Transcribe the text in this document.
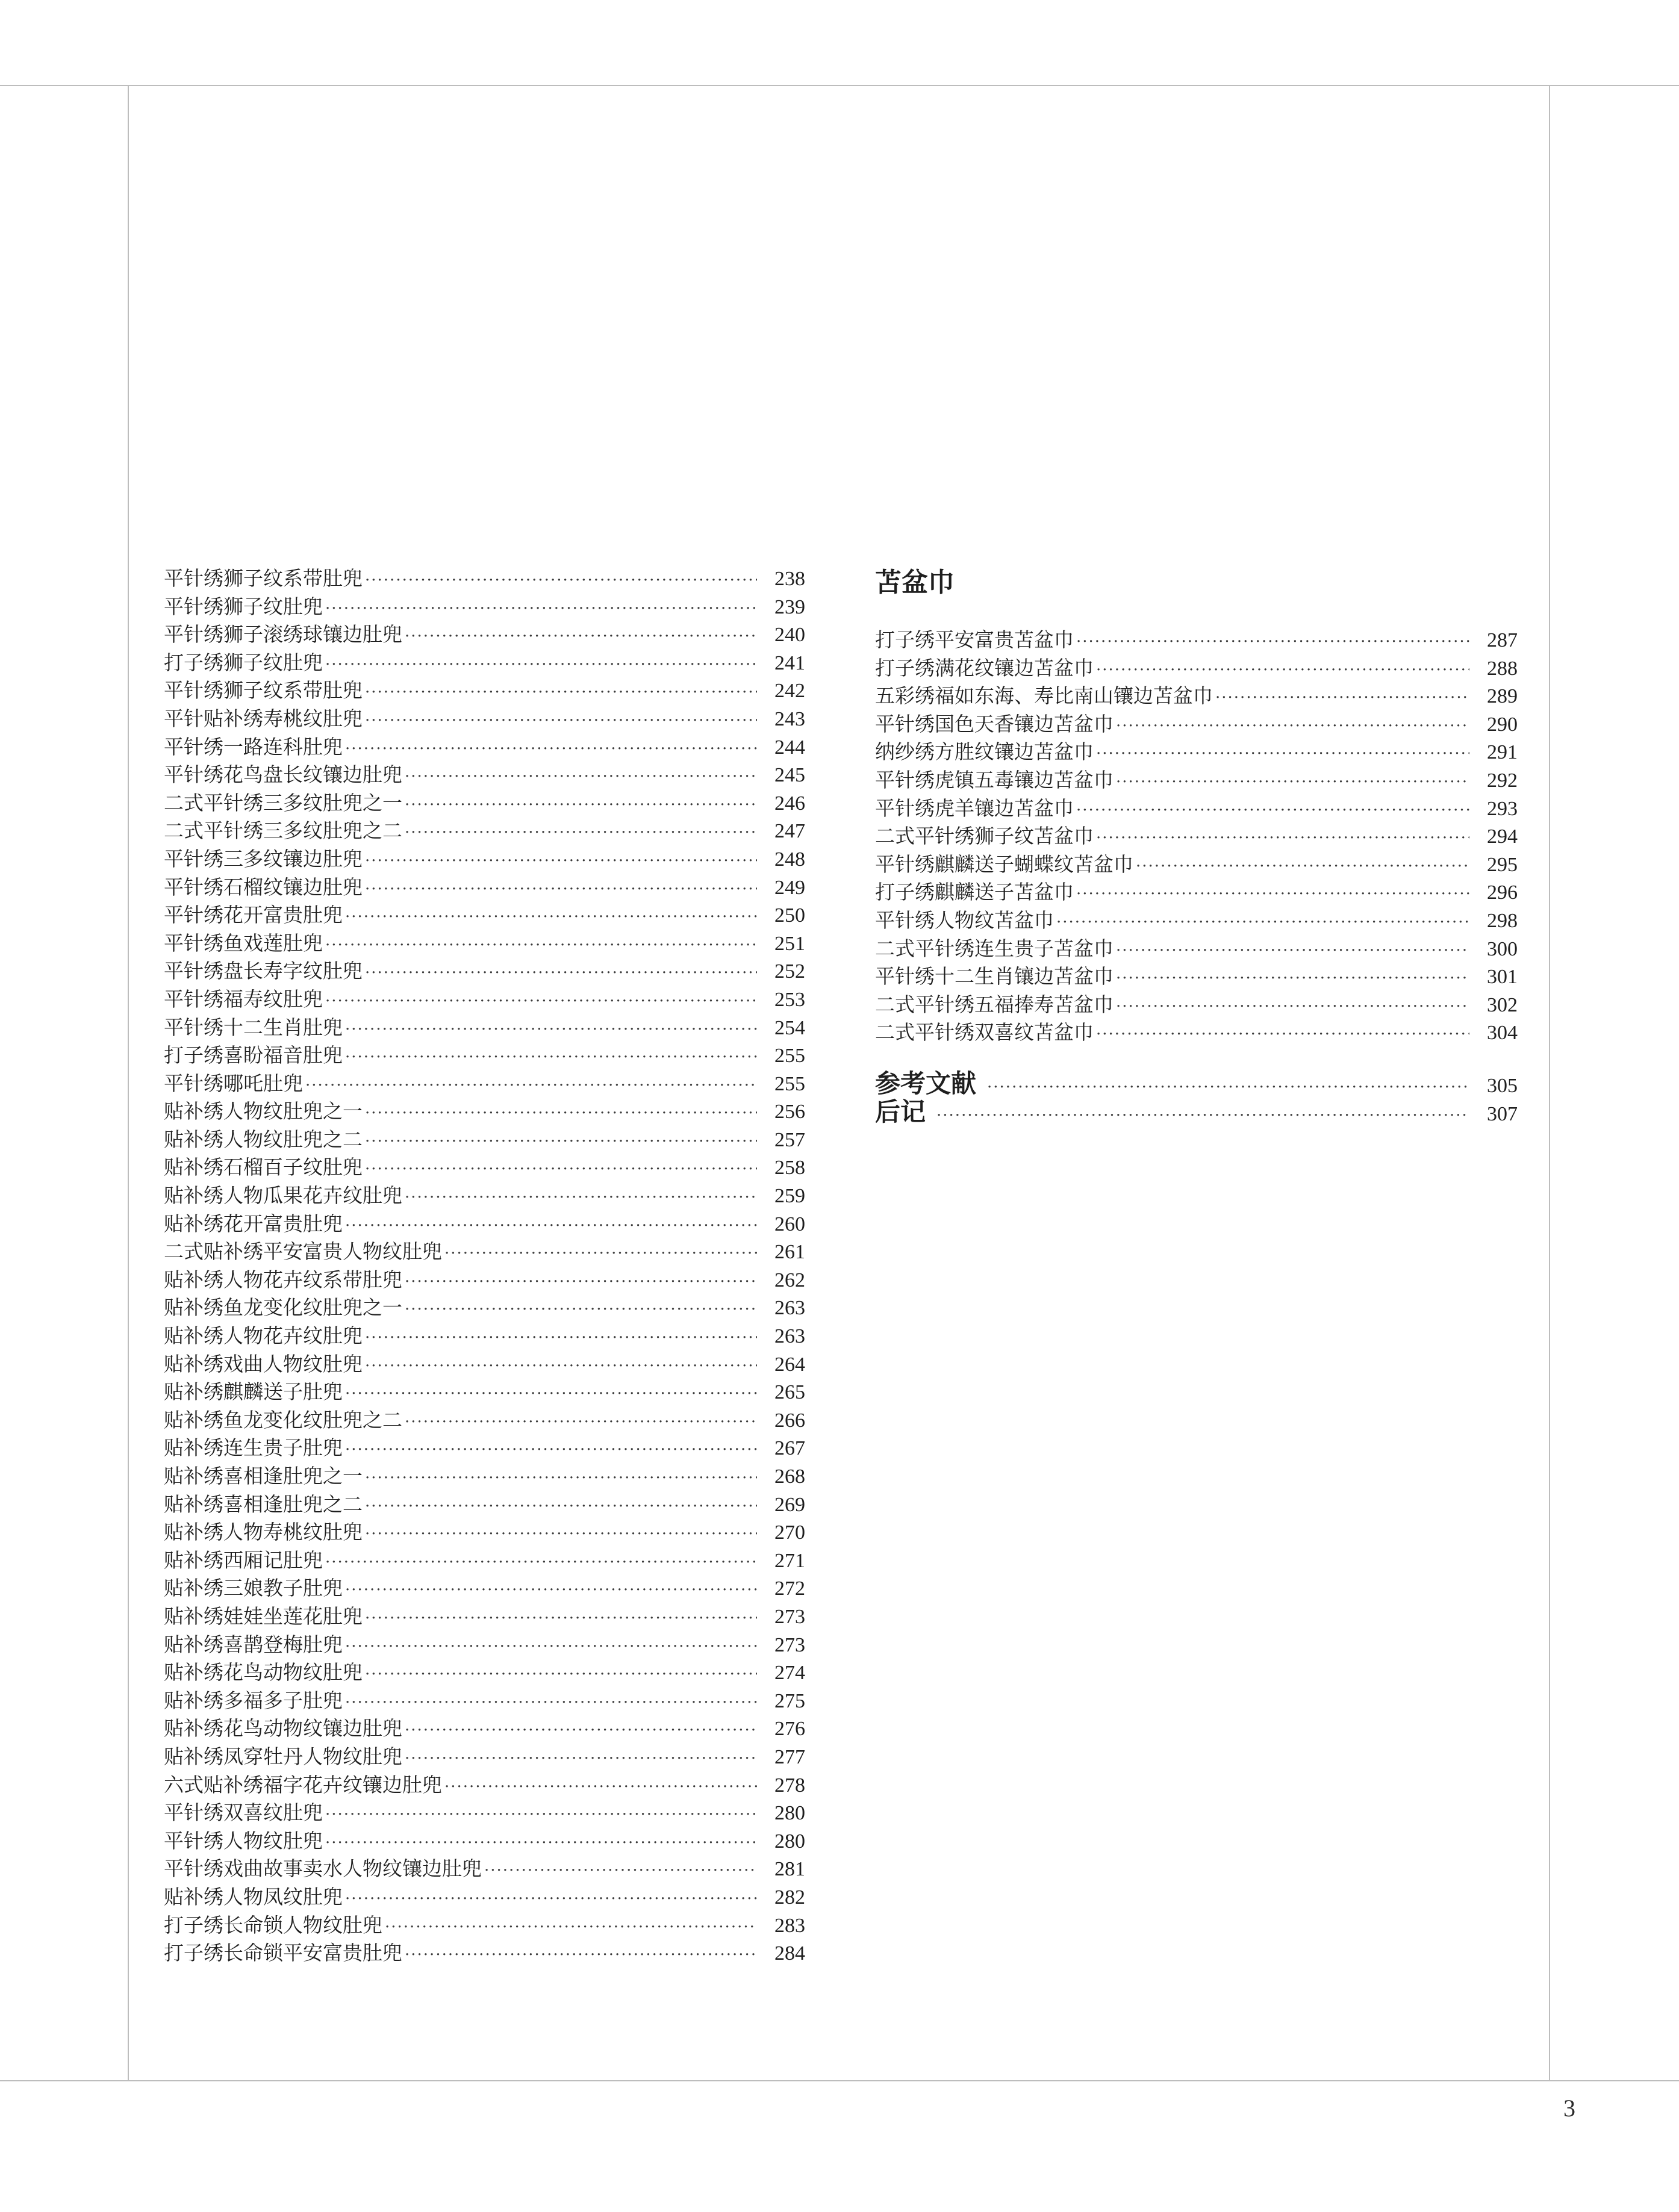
平针绣狮子纹系带肚兜 ·····	238
平针绣狮子纹肚兜 ·····	239
平针绣狮子滚绣球镶边肚兜 ·····	240
打子绣狮子纹肚兜 ·····	241
平针绣狮子纹系带肚兜 ·····	242
平针贴补绣寿桃纹肚兜 ·····	243
平针绣一路连科肚兜 ·····	244
平针绣花鸟盘长纹镶边肚兜 ·····	245
二式平针绣三多纹肚兜之一 ·····	246
二式平针绣三多纹肚兜之二 ·····	247
平针绣三多纹镶边肚兜 ·····	248
平针绣石榴纹镶边肚兜 ·····	249
平针绣花开富贵肚兜 ·····	250
平针绣鱼戏莲肚兜 ·····	251
平针绣盘长寿字纹肚兜 ·····	252
平针绣福寿纹肚兜 ·····	253
平针绣十二生肖肚兜 ·····	254
打子绣喜盼福音肚兜 ·····	255
平针绣哪吒肚兜 ·····	255
贴补绣人物纹肚兜之一 ·····	256
贴补绣人物纹肚兜之二 ·····	257
贴补绣石榴百子纹肚兜 ·····	258
贴补绣人物瓜果花卉纹肚兜 ·····	259
贴补绣花开富贵肚兜 ·····	260
二式贴补绣平安富贵人物纹肚兜 ·····	261
贴补绣人物花卉纹系带肚兜 ·····	262
贴补绣鱼龙变化纹肚兜之一 ·····	263
贴补绣人物花卉纹肚兜 ·····	263
贴补绣戏曲人物纹肚兜 ·····	264
贴补绣麒麟送子肚兜 ·····	265
贴补绣鱼龙变化纹肚兜之二 ·····	266
贴补绣连生贵子肚兜 ·····	267
贴补绣喜相逢肚兜之一 ·····	268
贴补绣喜相逢肚兜之二 ·····	269
贴补绣人物寿桃纹肚兜 ·····	270
贴补绣西厢记肚兜 ·····	271
贴补绣三娘教子肚兜 ·····	272
贴补绣娃娃坐莲花肚兜 ·····	273
贴补绣喜鹊登梅肚兜 ·····	273
贴补绣花鸟动物纹肚兜 ·····	274
贴补绣多福多子肚兜 ·····	275
贴补绣花鸟动物纹镶边肚兜 ·····	276
贴补绣凤穿牡丹人物纹肚兜 ·····	277
六式贴补绣福字花卉纹镶边肚兜 ·····	278
平针绣双喜纹肚兜 ·····	280
平针绣人物纹肚兜 ·····	280
平针绣戏曲故事卖水人物纹镶边肚兜 ·····	281
贴补绣人物凤纹肚兜 ·····	282
打子绣长命锁人物纹肚兜 ·····	283
打子绣长命锁平安富贵肚兜 ·····	284
苫盆巾
打子绣平安富贵苫盆巾 ·····	287
打子绣满花纹镶边苫盆巾 ·····	288
五彩绣福如东海、寿比南山镶边苫盆巾 ·····	289
平针绣国色天香镶边苫盆巾 ·····	290
纳纱绣方胜纹镶边苫盆巾 ·····	291
平针绣虎镇五毒镶边苫盆巾 ·····	292
平针绣虎羊镶边苫盆巾 ·····	293
二式平针绣狮子纹苫盆巾 ·····	294
平针绣麒麟送子蝴蝶纹苫盆巾 ·····	295
打子绣麒麟送子苫盆巾 ·····	296
平针绣人物纹苫盆巾 ·····	298
二式平针绣连生贵子苫盆巾 ·····	300
平针绣十二生肖镶边苫盆巾 ·····	301
二式平针绣五福捧寿苫盆巾 ·····	302
二式平针绣双喜纹苫盆巾 ·····	304
参考文献 ·····	305
后记 ·····	307
3
